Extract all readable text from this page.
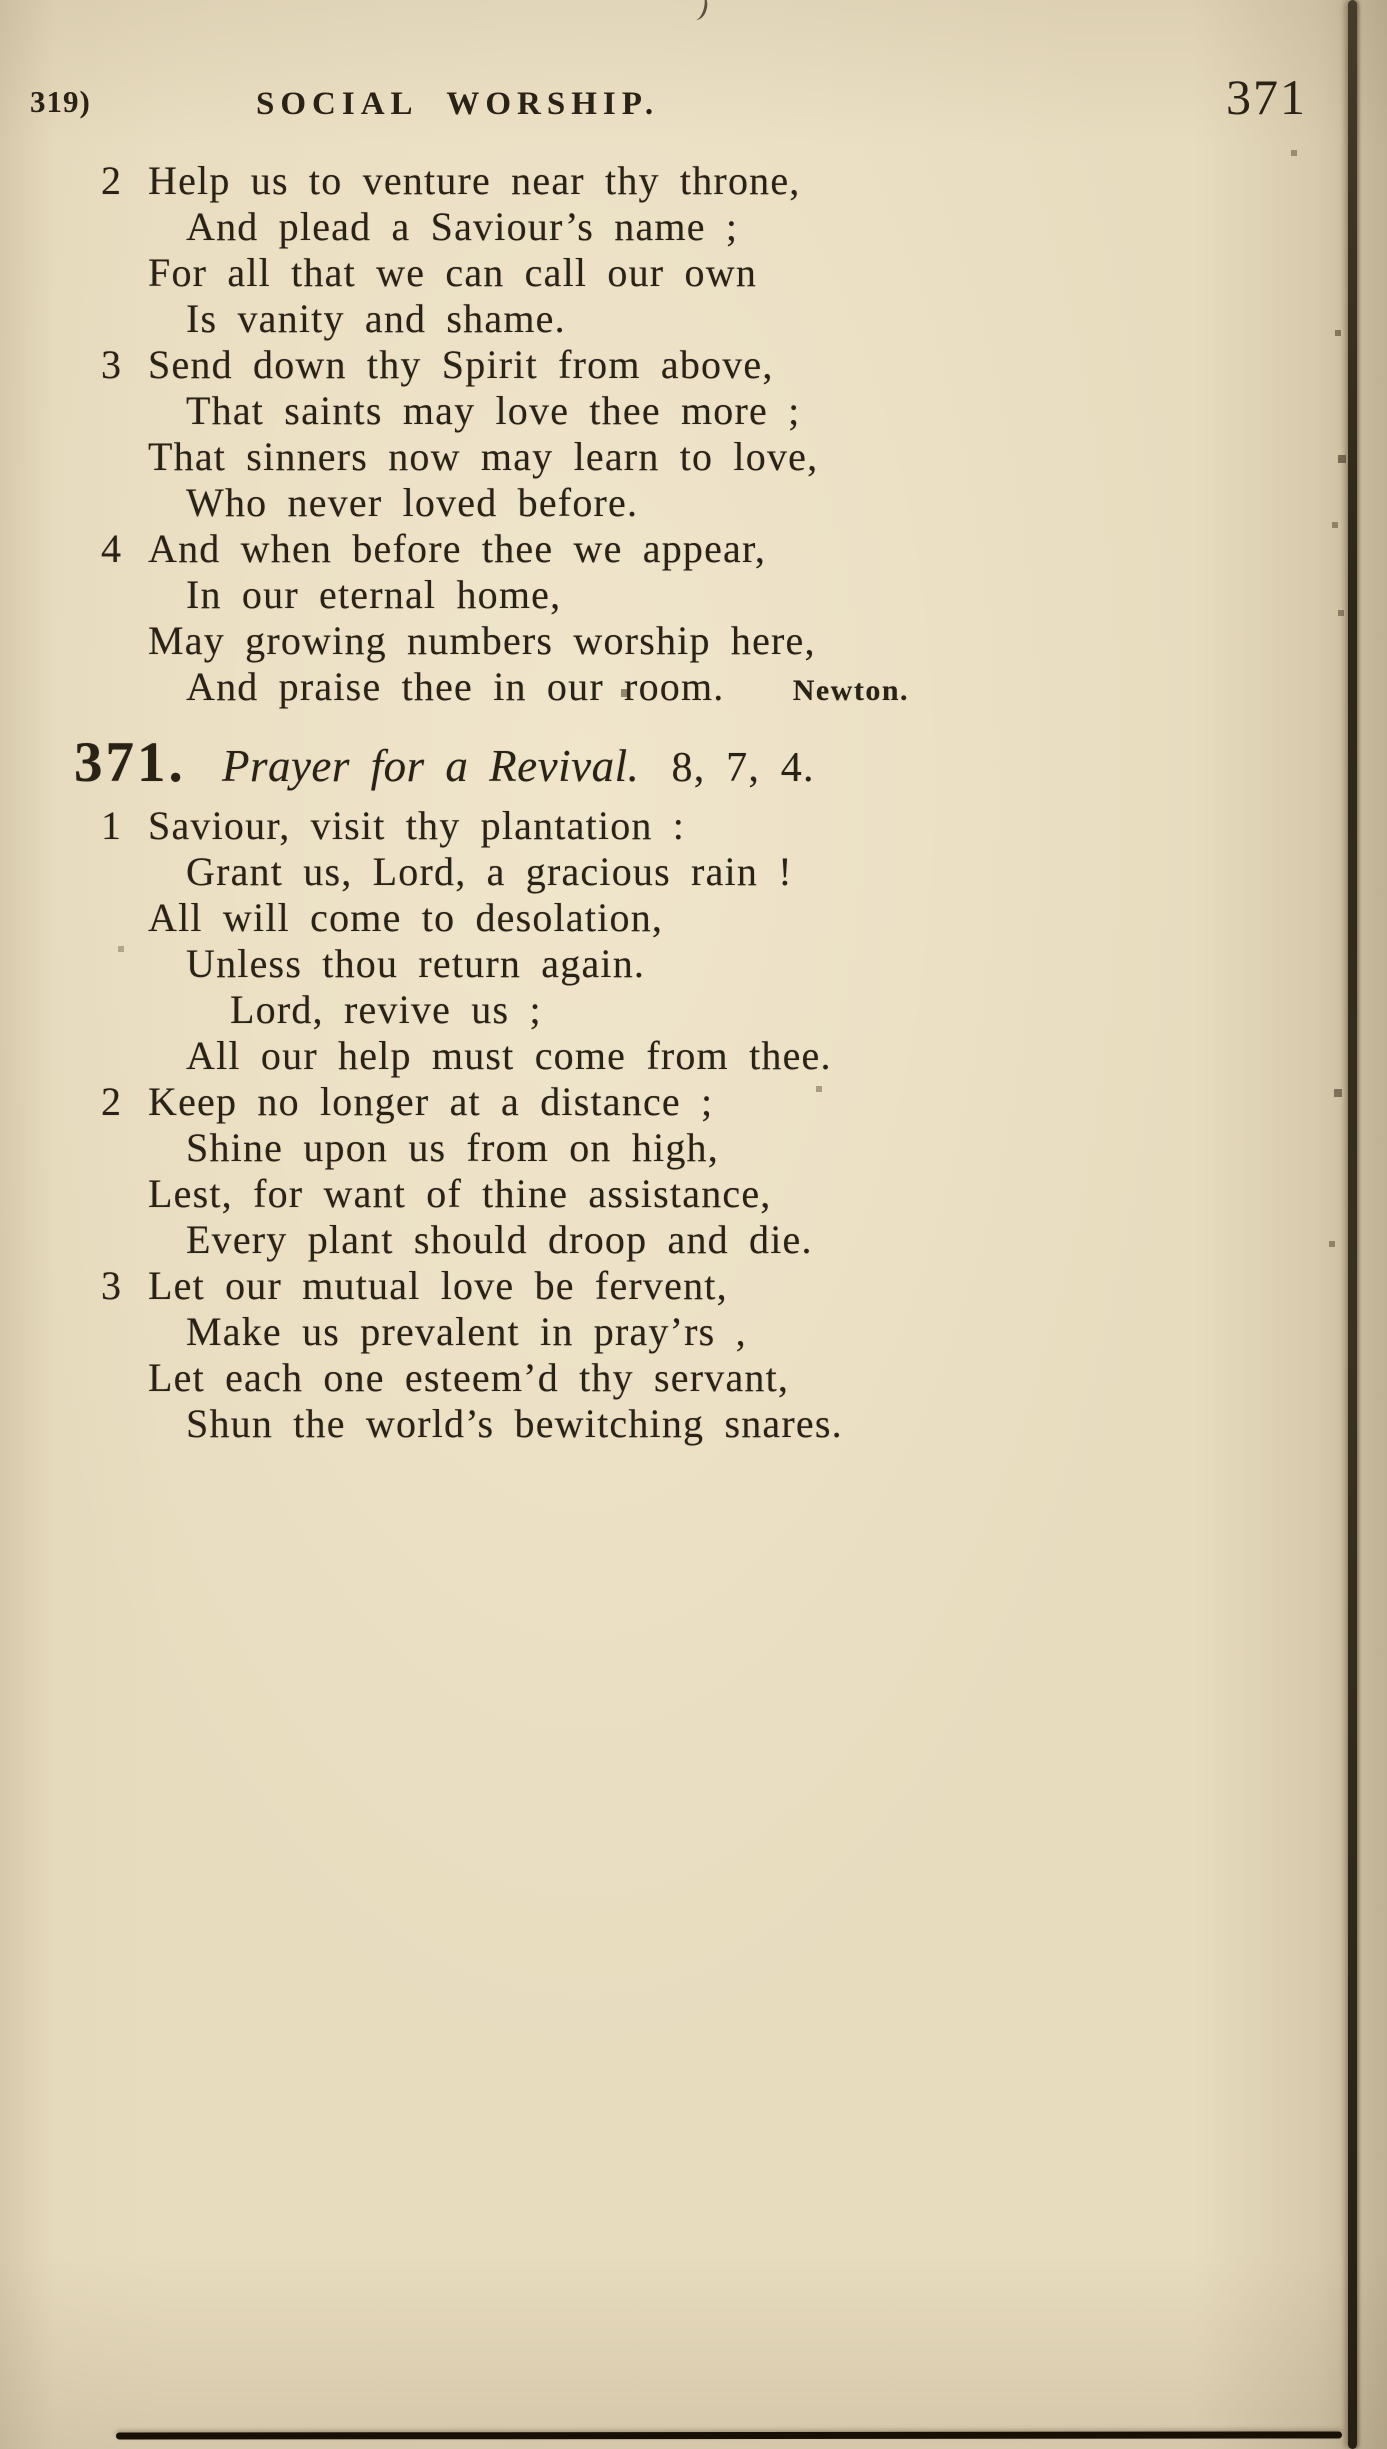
319)	SOCIAL WORSHIP.	371
2 Help us to venture near thy throne,
And plead a Saviour’s name ;
For all that we can call our own
Is vanity and shame.
3 Send down thy Spirit from above,
That saints may love thee more ;
That sinners now may learn to love,
Who never loved before.
4 And when before thee we appear,
In our eternal home,
May growing numbers worship here,
And praise thee in our room. Newton.
371. Prayer for a Revival. 8, 7, 4.
1 Saviour, visit thy plantation :
Grant us, Lord, a gracious rain !
All will come to desolation,
Unless thou return again.
Lord, revive us ;
All our help must come from thee.
2 Keep no longer at a distance ;
Shine upon us from on high,
Lest, for want of thine assistance,
Every plant should droop and die.
3 Let our mutual love be fervent,
Make us prevalent in pray’rs ,
Let each one esteem’d thy servant,
Shun the world’s bewitching snares.
